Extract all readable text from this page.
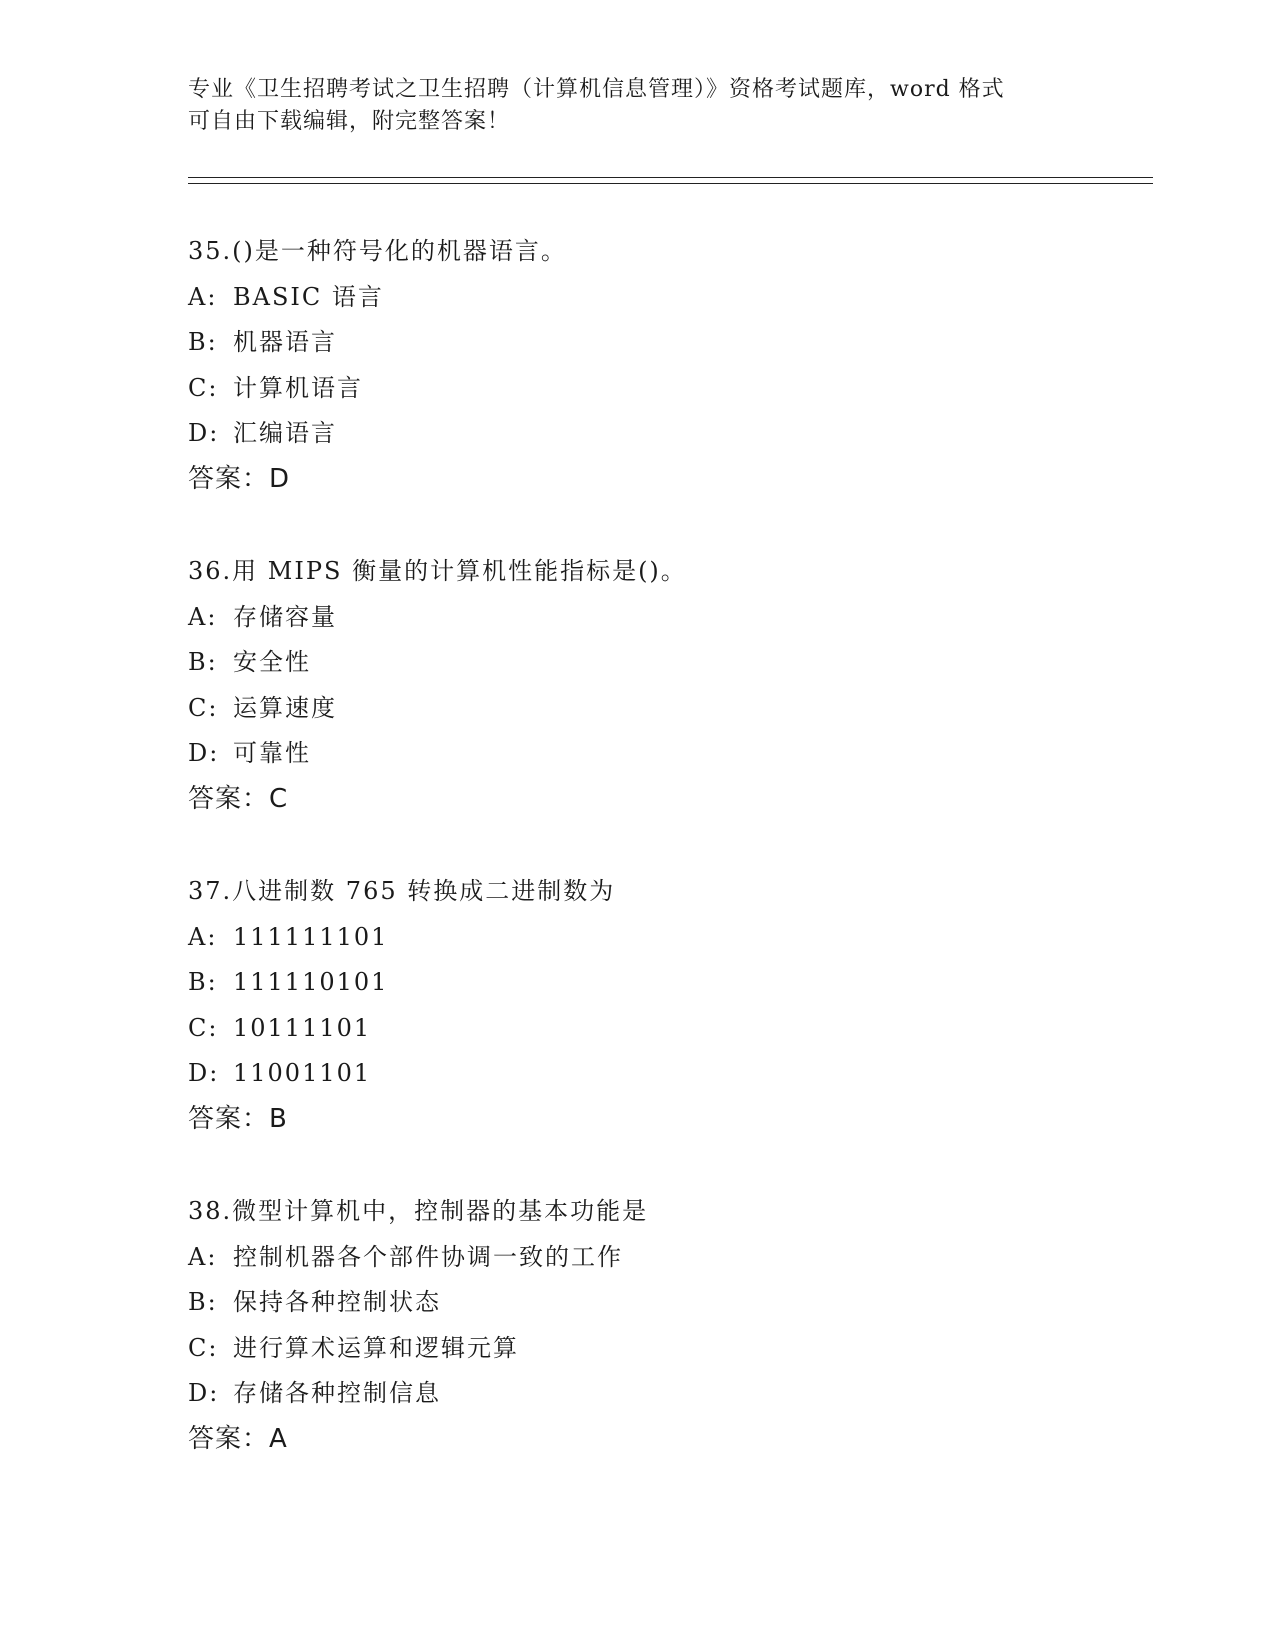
专业《卫生招聘考试之卫生招聘（计算机信息管理）》资格考试题库，word 格式
可自由下载编辑，附完整答案！
35.()是一种符号化的机器语言。
A: BASIC 语言
B: 机器语言
C: 计算机语言
D: 汇编语言
答案：D
36.用 MIPS 衡量的计算机性能指标是()。
A: 存储容量
B: 安全性
C: 运算速度
D: 可靠性
答案：C
37.八进制数 765 转换成二进制数为
A: 111111101
B: 111110101
C: 10111101
D: 11001101
答案：B
38.微型计算机中，控制器的基本功能是
A: 控制机器各个部件协调一致的工作
B: 保持各种控制状态
C: 进行算术运算和逻辑元算
D: 存储各种控制信息
答案：A
